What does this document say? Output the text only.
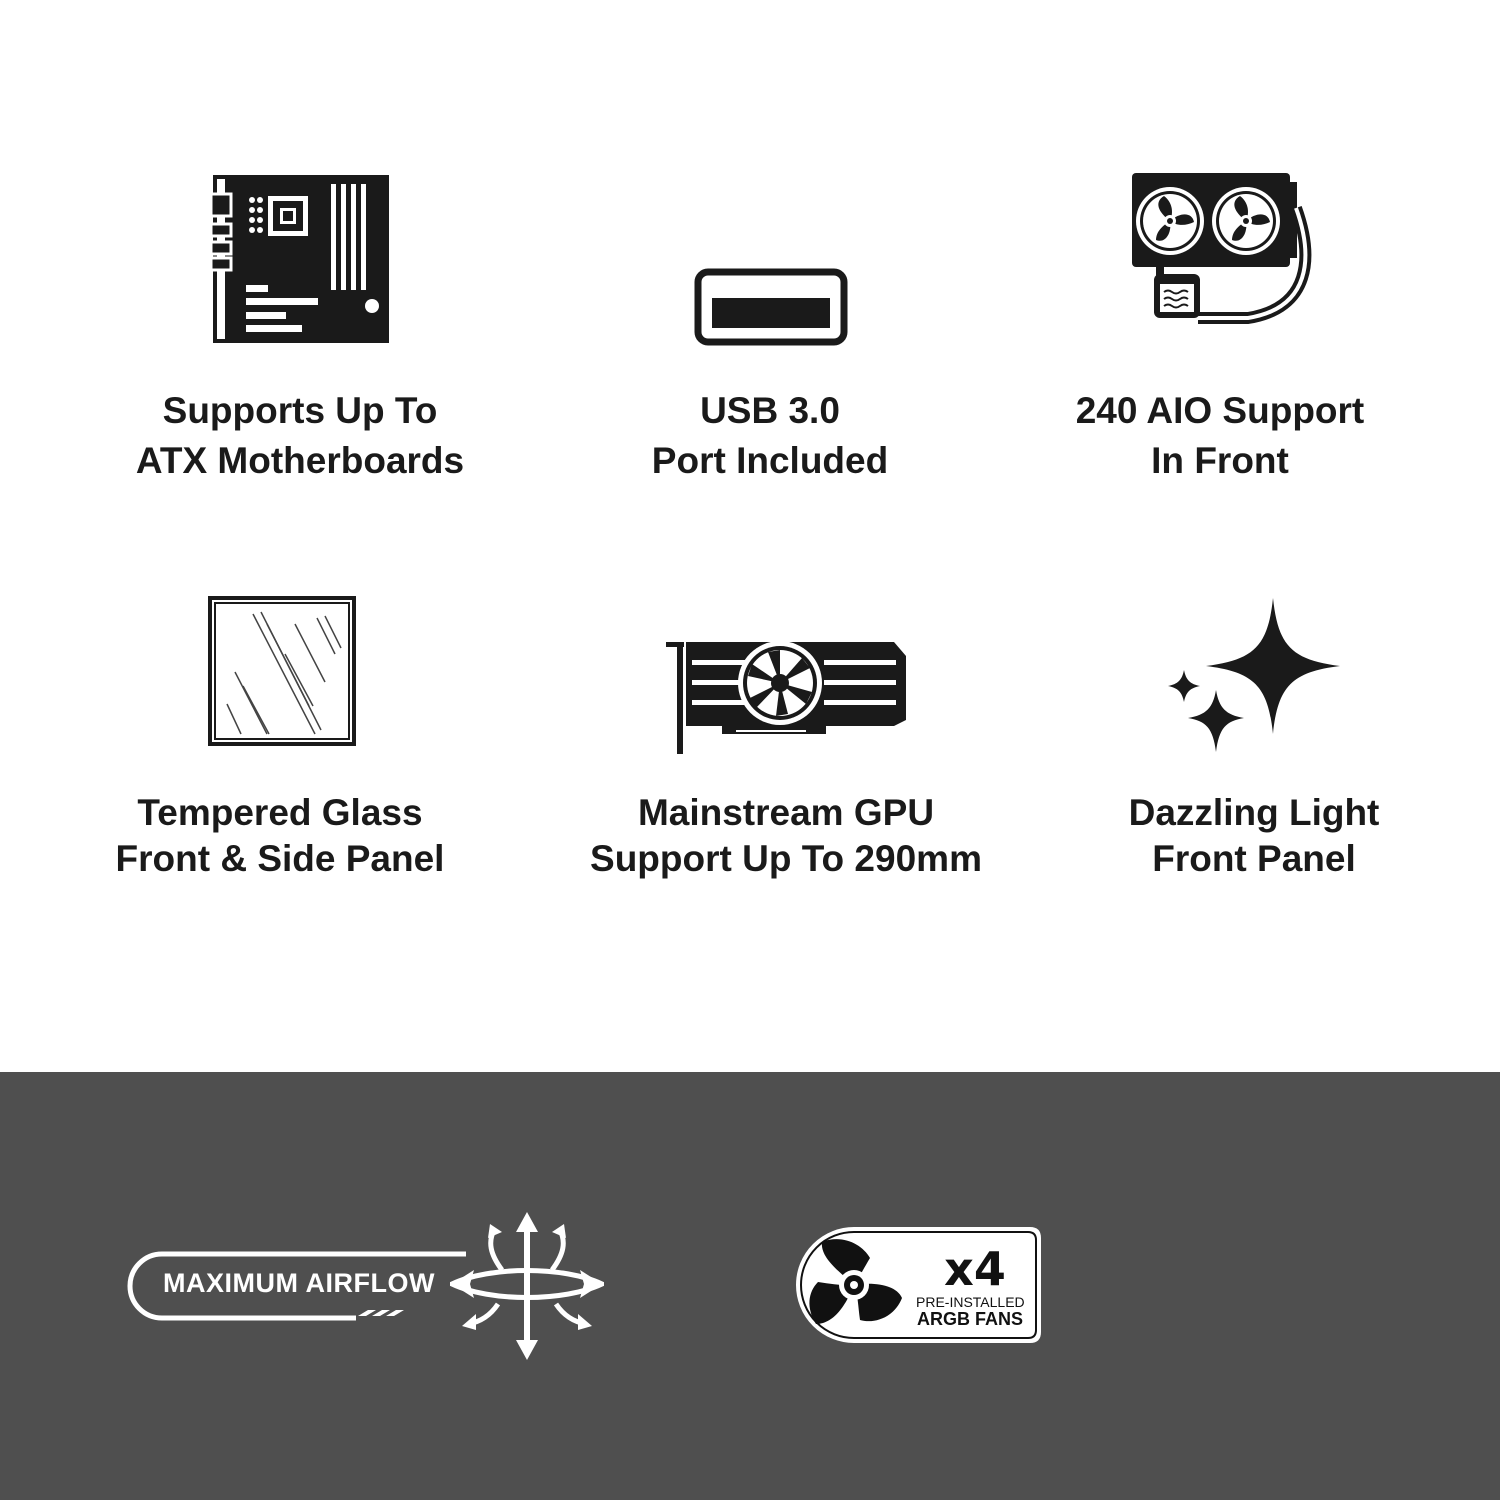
Supports Up To
ATX Motherboards
USB 3.0
Port Included
240 AIO Support
In Front
Tempered Glass
Front & Side Panel
Mainstream GPU
Support Up To 290mm
Dazzling Light
Front Panel
MAXIMUM AIRFLOW	x4
PRE-INSTALLED
ARGB FANS
